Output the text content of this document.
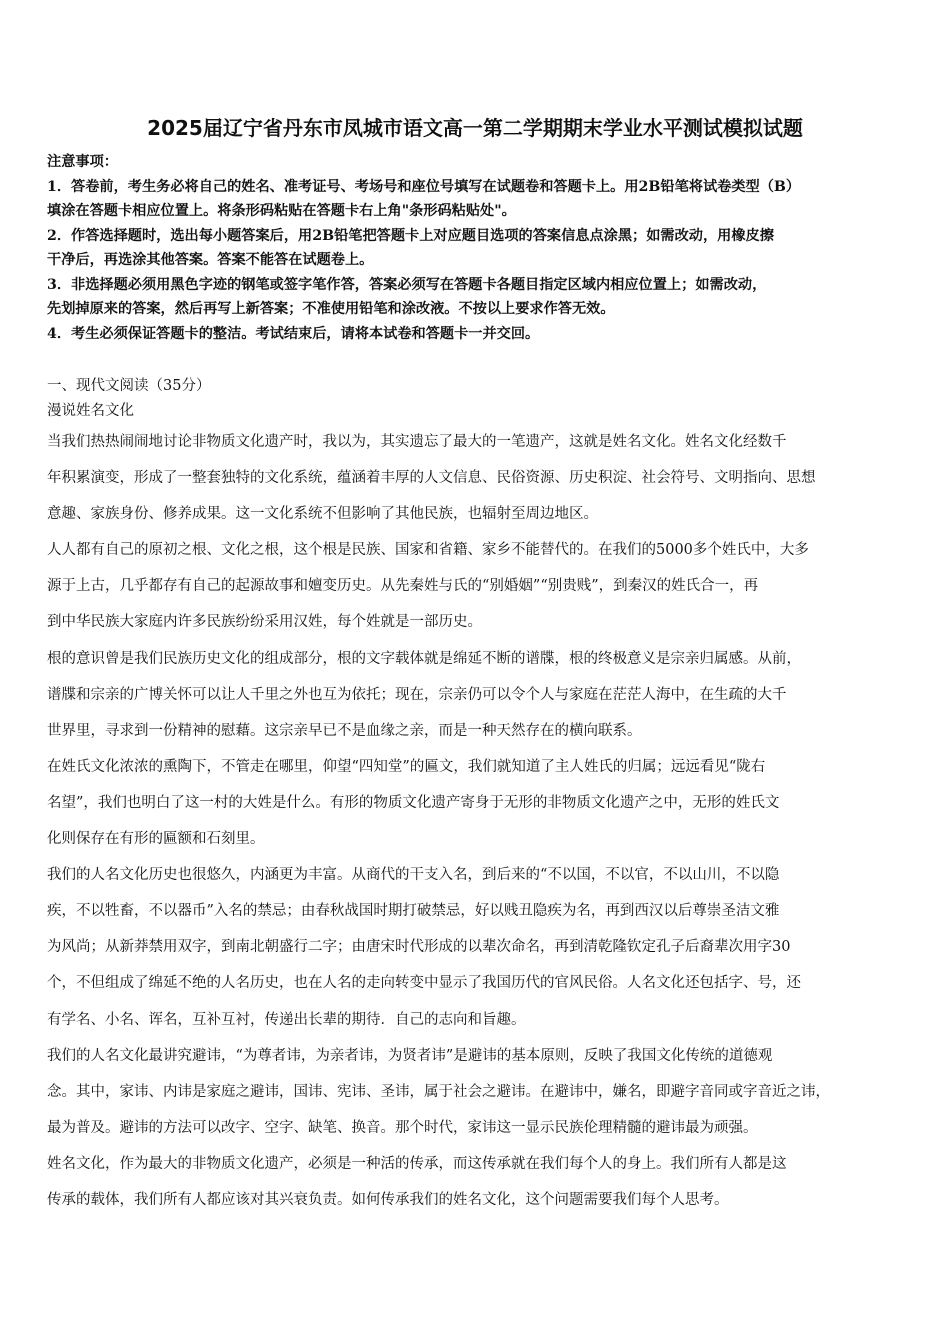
2025届辽宁省丹东市凤城市语文高一第二学期期末学业水平测试模拟试题
注意事项：
1．答卷前，考生务必将自己的姓名、准考证号、考场号和座位号填写在试题卷和答题卡上。用2B铅笔将试卷类型（B）
填涂在答题卡相应位置上。将条形码粘贴在答题卡右上角"条形码粘贴处"。
2．作答选择题时，选出每小题答案后，用2B铅笔把答题卡上对应题目选项的答案信息点涂黑；如需改动，用橡皮擦
干净后，再选涂其他答案。答案不能答在试题卷上。
3．非选择题必须用黑色字迹的钢笔或签字笔作答，答案必须写在答题卡各题目指定区域内相应位置上；如需改动，
先划掉原来的答案，然后再写上新答案；不准使用铅笔和涂改液。不按以上要求作答无效。
4．考生必须保证答题卡的整洁。考试结束后，请将本试卷和答题卡一并交回。
一、现代文阅读（35分）
漫说姓名文化
当我们热热闹闹地讨论非物质文化遗产时，我以为，其实遗忘了最大的一笔遗产，这就是姓名文化。姓名文化经数千
年积累演变，形成了一整套独特的文化系统，蕴涵着丰厚的人文信息、民俗资源、历史积淀、社会符号、文明指向、思想
意趣、家族身份、修养成果。这一文化系统不但影响了其他民族，也辐射至周边地区。
人人都有自己的原初之根、文化之根，这个根是民族、国家和省籍、家乡不能替代的。在我们的5000多个姓氏中，大多
源于上古，几乎都存有自己的起源故事和嬗变历史。从先秦姓与氏的“别婚姻”“别贵贱”，到秦汉的姓氏合一，再
到中华民族大家庭内许多民族纷纷采用汉姓，每个姓就是一部历史。
根的意识曾是我们民族历史文化的组成部分，根的文字载体就是绵延不断的谱牒，根的终极意义是宗亲归属感。从前，
谱牒和宗亲的广博关怀可以让人千里之外也互为依托；现在，宗亲仍可以令个人与家庭在茫茫人海中，在生疏的大千
世界里，寻求到一份精神的慰藉。这宗亲早已不是血缘之亲，而是一种天然存在的横向联系。
在姓氏文化浓浓的熏陶下，不管走在哪里，仰望“四知堂”的匾文，我们就知道了主人姓氏的归属；远远看见“陇右
名望”，我们也明白了这一村的大姓是什么。有形的物质文化遗产寄身于无形的非物质文化遗产之中，无形的姓氏文
化则保存在有形的匾额和石刻里。
我们的人名文化历史也很悠久，内涵更为丰富。从商代的干支入名，到后来的“不以国，不以官，不以山川，不以隐
疾，不以牲畜，不以器币”入名的禁忌；由春秋战国时期打破禁忌，好以贱丑隐疾为名，再到西汉以后尊崇圣洁文雅
为风尚；从新莽禁用双字，到南北朝盛行二字；由唐宋时代形成的以辈次命名，再到清乾隆钦定孔子后裔辈次用字30
个，不但组成了绵延不绝的人名历史，也在人名的走向转变中显示了我国历代的官风民俗。人名文化还包括字、号，还
有学名、小名、诨名，互补互衬，传递出长辈的期待．自己的志向和旨趣。
我们的人名文化最讲究避讳，“为尊者讳，为亲者讳，为贤者讳”是避讳的基本原则，反映了我国文化传统的道德观
念。其中，家讳、内讳是家庭之避讳，国讳、宪讳、圣讳，属于社会之避讳。在避讳中，嫌名，即避字音同或字音近之讳，
最为普及。避讳的方法可以改字、空字、缺笔、换音。那个时代，家讳这一显示民族伦理精髓的避讳最为顽强。
姓名文化，作为最大的非物质文化遗产，必须是一种活的传承，而这传承就在我们每个人的身上。我们所有人都是这
传承的载体，我们所有人都应该对其兴衰负责。如何传承我们的姓名文化，这个问题需要我们每个人思考。
